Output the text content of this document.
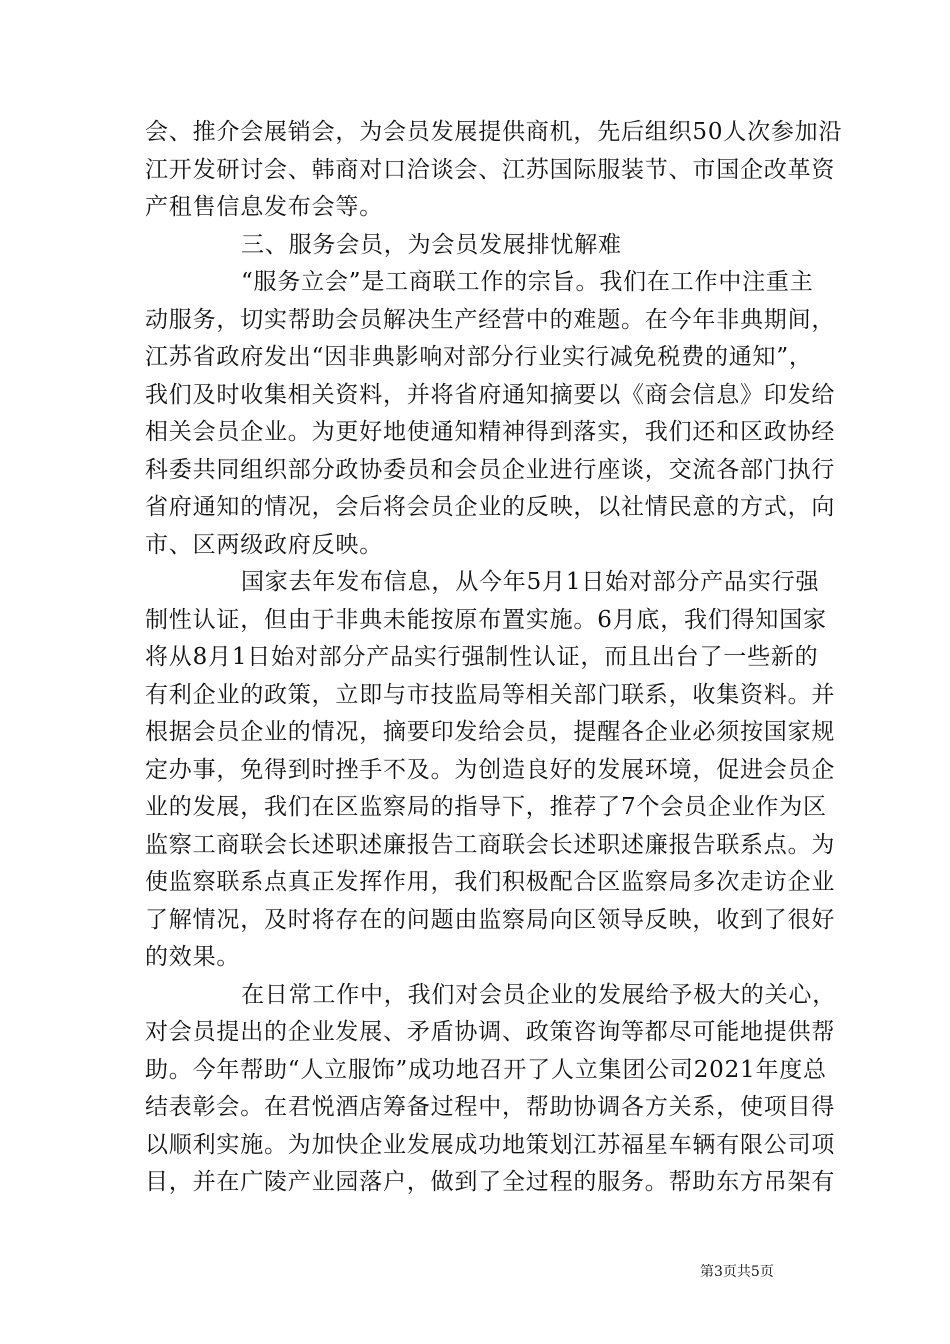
会、推介会展销会，为会员发展提供商机，先后组织50人次参加沿
江开发研讨会、韩商对口洽谈会、江苏国际服装节、市国企改革资
产租售信息发布会等。
三、服务会员，为会员发展排忧解难
“服务立会”是工商联工作的宗旨。我们在工作中注重主
动服务，切实帮助会员解决生产经营中的难题。在今年非典期间，
江苏省政府发出“因非典影响对部分行业实行减免税费的通知”，
我们及时收集相关资料，并将省府通知摘要以《商会信息》印发给
相关会员企业。为更好地使通知精神得到落实，我们还和区政协经
科委共同组织部分政协委员和会员企业进行座谈，交流各部门执行
省府通知的情况，会后将会员企业的反映，以社情民意的方式，向
市、区两级政府反映。
国家去年发布信息，从今年5月1日始对部分产品实行强
制性认证，但由于非典未能按原布置实施。6月底，我们得知国家
将从8月1日始对部分产品实行强制性认证，而且出台了一些新的
有利企业的政策，立即与市技监局等相关部门联系，收集资料。并
根据会员企业的情况，摘要印发给会员，提醒各企业必须按国家规
定办事，免得到时挫手不及。为创造良好的发展环境，促进会员企
业的发展，我们在区监察局的指导下，推荐了7个会员企业作为区
监察工商联会长述职述廉报告工商联会长述职述廉报告联系点。为
使监察联系点真正发挥作用，我们积极配合区监察局多次走访企业
了解情况，及时将存在的问题由监察局向区领导反映，收到了很好
的效果。
在日常工作中，我们对会员企业的发展给予极大的关心，
对会员提出的企业发展、矛盾协调、政策咨询等都尽可能地提供帮
助。今年帮助“人立服饰”成功地召开了人立集团公司2021年度总
结表彰会。在君悦酒店筹备过程中，帮助协调各方关系，使项目得
以顺利实施。为加快企业发展成功地策划江苏福星车辆有限公司项
目，并在广陵产业园落户，做到了全过程的服务。帮助东方吊架有
第3页共5页
